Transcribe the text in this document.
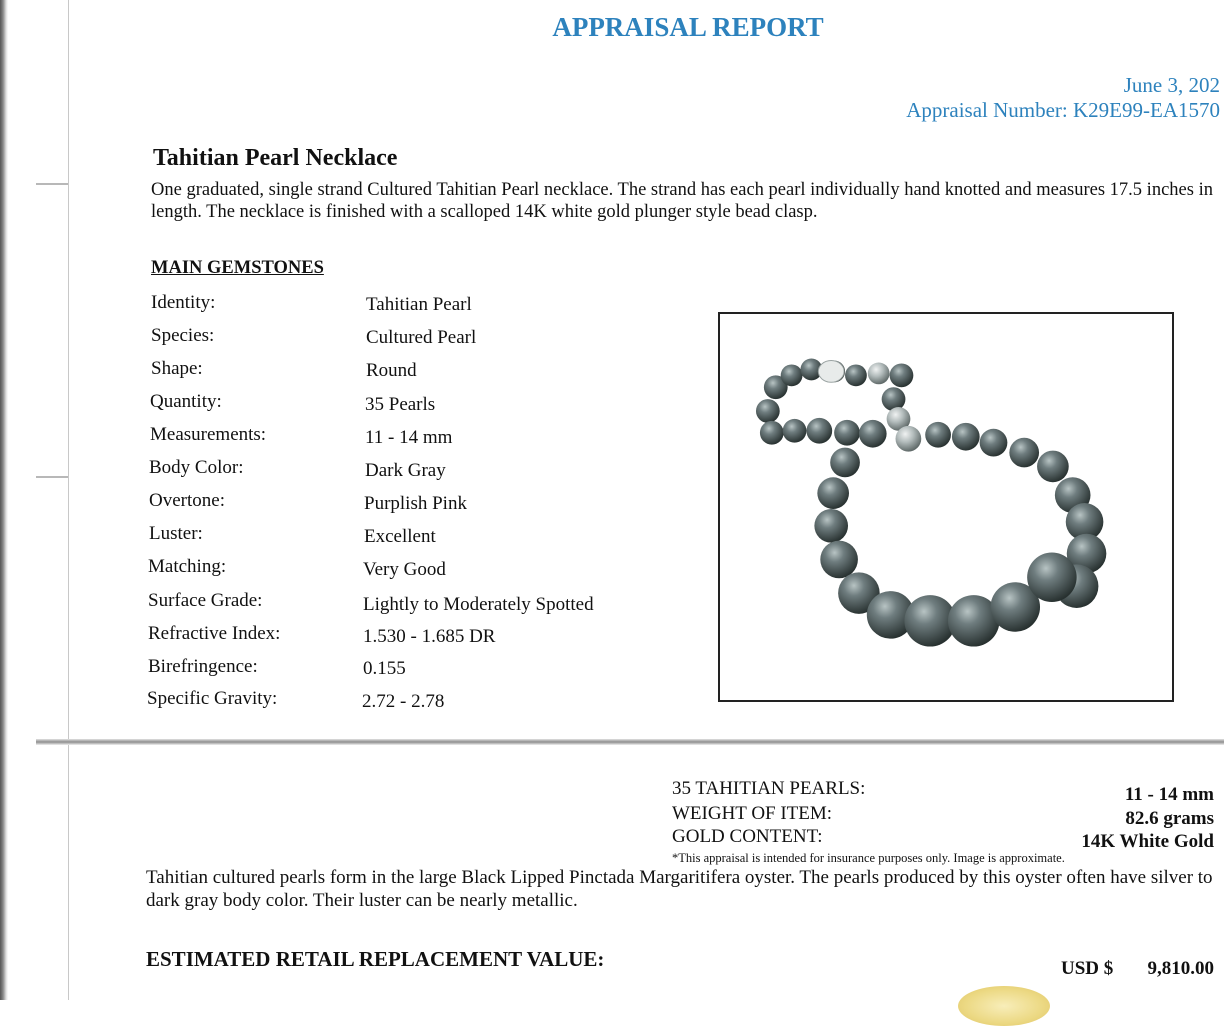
APPRAISAL REPORT
June 3, 202
Appraisal Number: K29E99-EA1570
Tahitian Pearl Necklace
One graduated, single strand Cultured Tahitian Pearl necklace. The strand has each pearl individually hand knotted and measures 17.5 inches in length. The necklace is finished with a scalloped 14K white gold plunger style bead clasp.
MAIN GEMSTONES
Identity:	Tahitian Pearl
Species:	Cultured Pearl
Shape:	Round
Quantity:	35 Pearls
Measurements:	11 - 14 mm
Body Color:	Dark Gray
Overtone:	Purplish Pink
Luster:	Excellent
Matching:	Very Good
Surface Grade:	Lightly to Moderately Spotted
Refractive Index:	1.530 - 1.685 DR
Birefringence:	0.155
Specific Gravity:	2.72 - 2.78
35 TAHITIAN PEARLS:	11 - 14 mm
WEIGHT OF ITEM:	82.6 grams
GOLD CONTENT:	14K White Gold
*This appraisal is intended for insurance purposes only. Image is approximate.
Tahitian cultured pearls form in the large Black Lipped Pinctada Margaritifera oyster. The pearls produced by this oyster often have silver to dark gray body color. Their luster can be nearly metallic.
ESTIMATED RETAIL REPLACEMENT VALUE:	USD $ 9,810.00
